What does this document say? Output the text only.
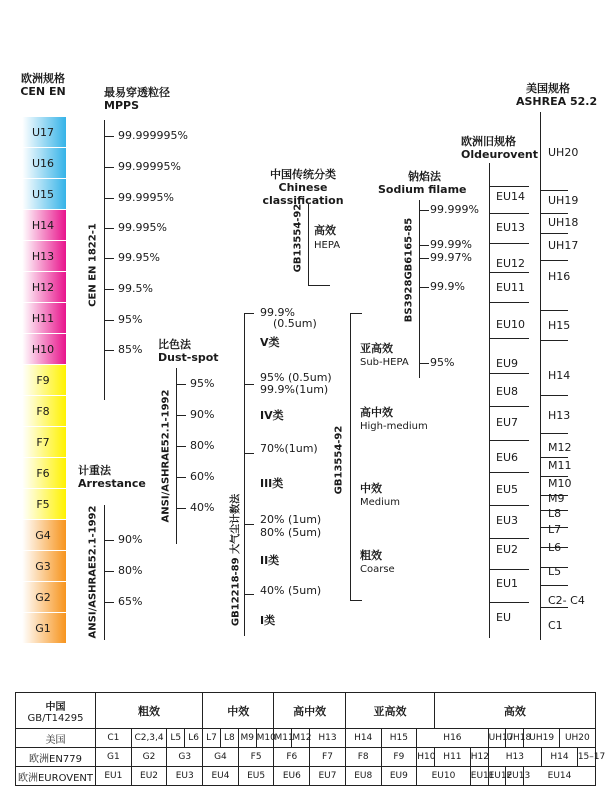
欧洲规格
CEN EN
U17
U16
U15
H14
H13
H12
H11
H10
F9
F8
F7
F6
F5
G4
G3
G2
G1
最易穿透粒径
MPPS
CEN EN 1822-1
99.999995%
99.99995%
99.9995%
99.995%
99.95%
99.5%
95%
85%
计重法
Arrestance
ANSI/ASHRAE52.1-1992 90%
80%
65%
比色法
Dust-spot
ANSI/ASHRAE52.1-1992
95%
90%
80%
60%
40%	GB12218-89 大气尘计数法
99.9%
(0.5um)
95% (0.5um)
99.9%(1um)
70%(1um)
20% (1um)
80% (5um)
40% (5um)
V类
IV类
III类
II类
I类
中国传统分类
Chinese classification
GB13554-92 高效
HEPA
GB13554-92
亚高效
Sub-HEPA
高中效
High-medium
中效
Medium
粗效
Coarse
钠焰法
Sodium filame
BS3928GB6165-85
99.999%
99.99%
99.97%
99.9%
95%
欧洲旧规格
Oldeurovent
EU14
EU13
EU12
EU11
EU10
EU9
EU8
EU7
EU6
EU5
EU3
EU2
EU1
EU
美国规格
ASHREA 52.2
UH20
UH19
UH18
UH17
H16
H15
H14
H13
M12
M11
M10
M9
L8
L7
L6
L5
C2- C4
C1
中国
GB/T14295	粗效				中效				高中效			亚高效			高效							
美国	C1	C2,3,4	L5	L6	L7	L8	M9	M10	M11	M12	H13	H14	H15	H16			UH17	UH18	UH19		UH20	
欧洲EN779	G1	G2	G3		G4		F5		F6		F7	F8	F9	H10	H11	H12	H13			H14		15–17
欧洲EUROVENT	EU1	EU2	EU3		EU4		EU5		EU6		EU7	EU8	EU9	EU10		EU11	EU12	EU13	EU14			
